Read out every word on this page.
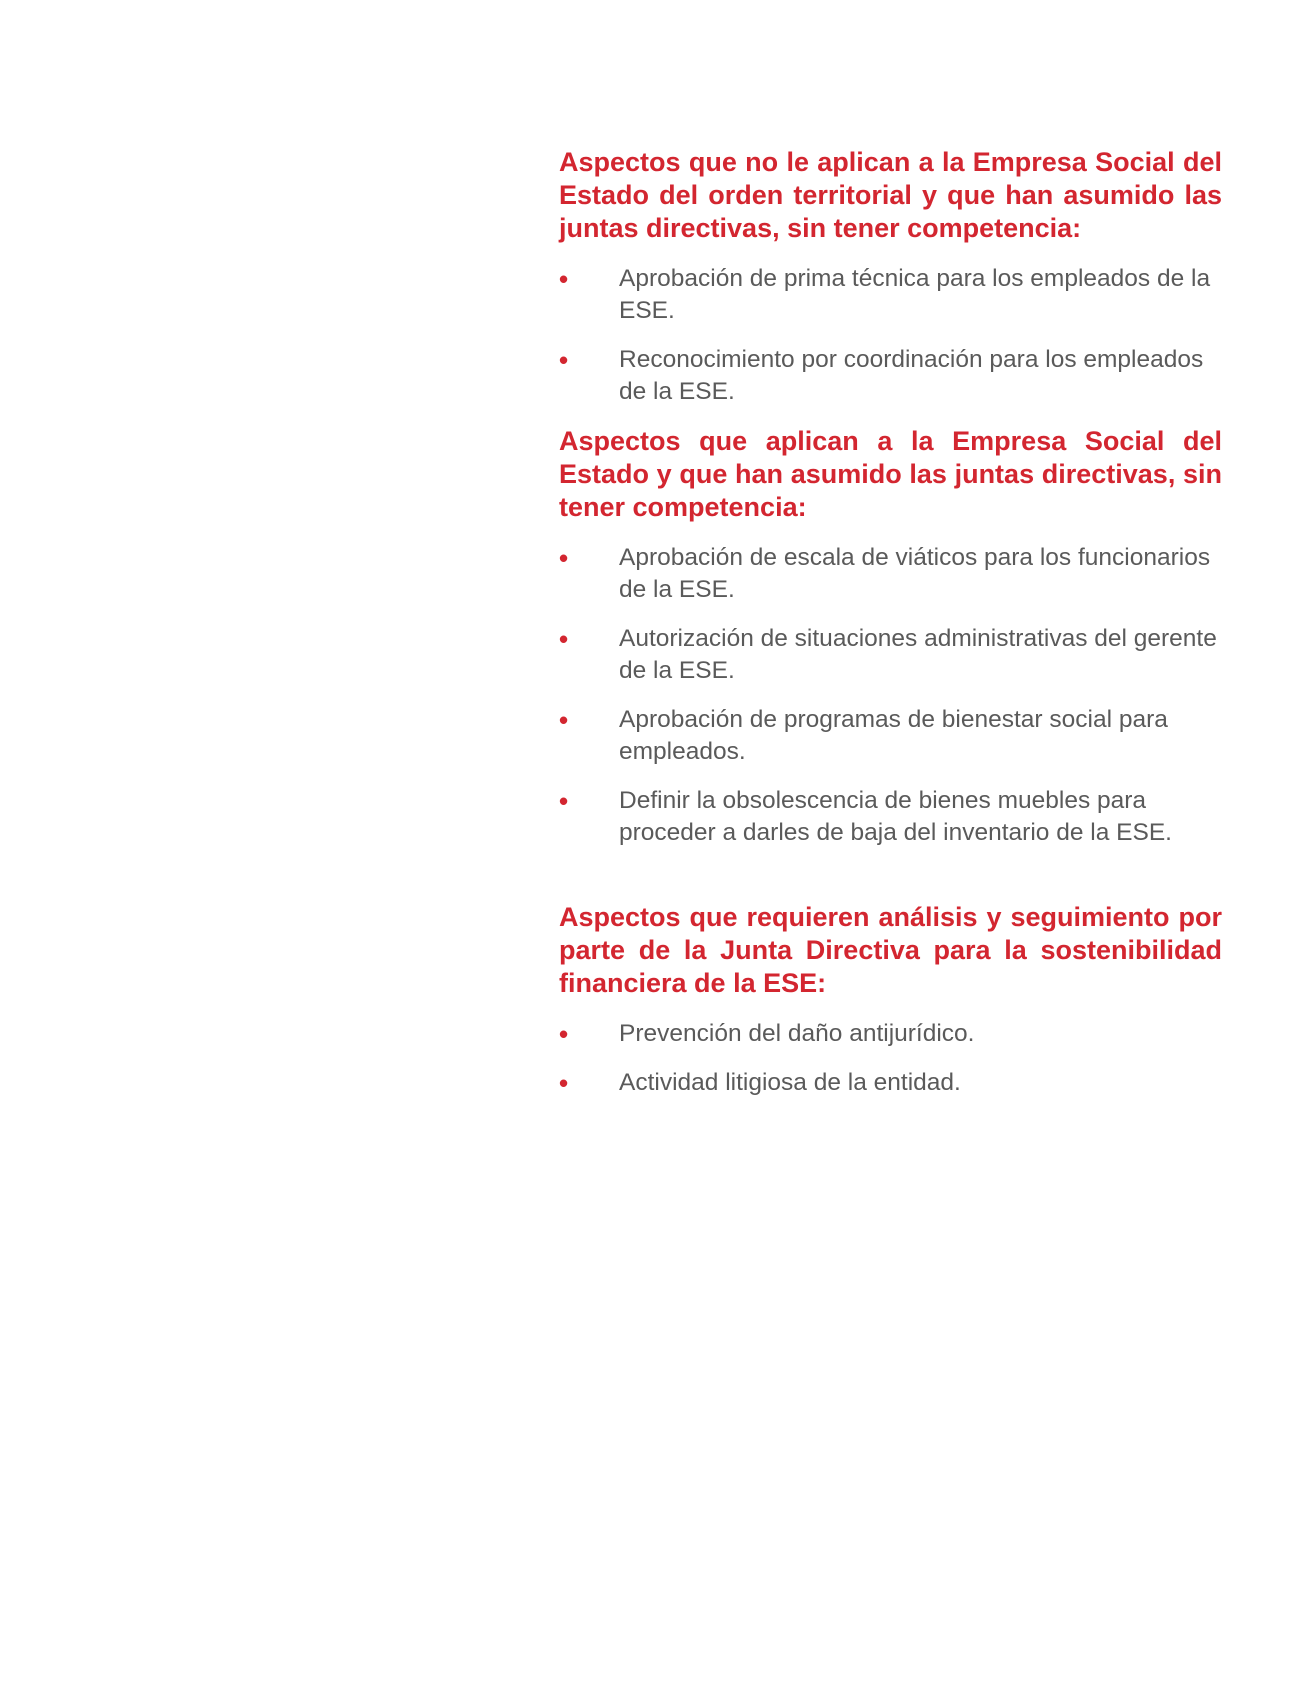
Aspectos que no le aplican a la Empresa Social del Estado del orden territorial y que han asumido las juntas directivas, sin tener competencia:
• Aprobación de prima técnica para los empleados de la ESE.
• Reconocimiento por coordinación para los empleados de la ESE.
Aspectos que aplican a la Empresa Social del Estado y que han asumido las juntas directivas, sin tener competencia:
• Aprobación de escala de viáticos para los funcionarios de la ESE.
• Autorización de situaciones administrativas del gerente de la ESE.
• Aprobación de programas de bienestar social para empleados.
• Definir la obsolescencia de bienes muebles para proceder a darles de baja del inventario de la ESE.
Aspectos que requieren análisis y seguimiento por parte de la Junta Directiva para la sostenibilidad financiera de la ESE:
• Prevención del daño antijurídico.
• Actividad litigiosa de la entidad.
